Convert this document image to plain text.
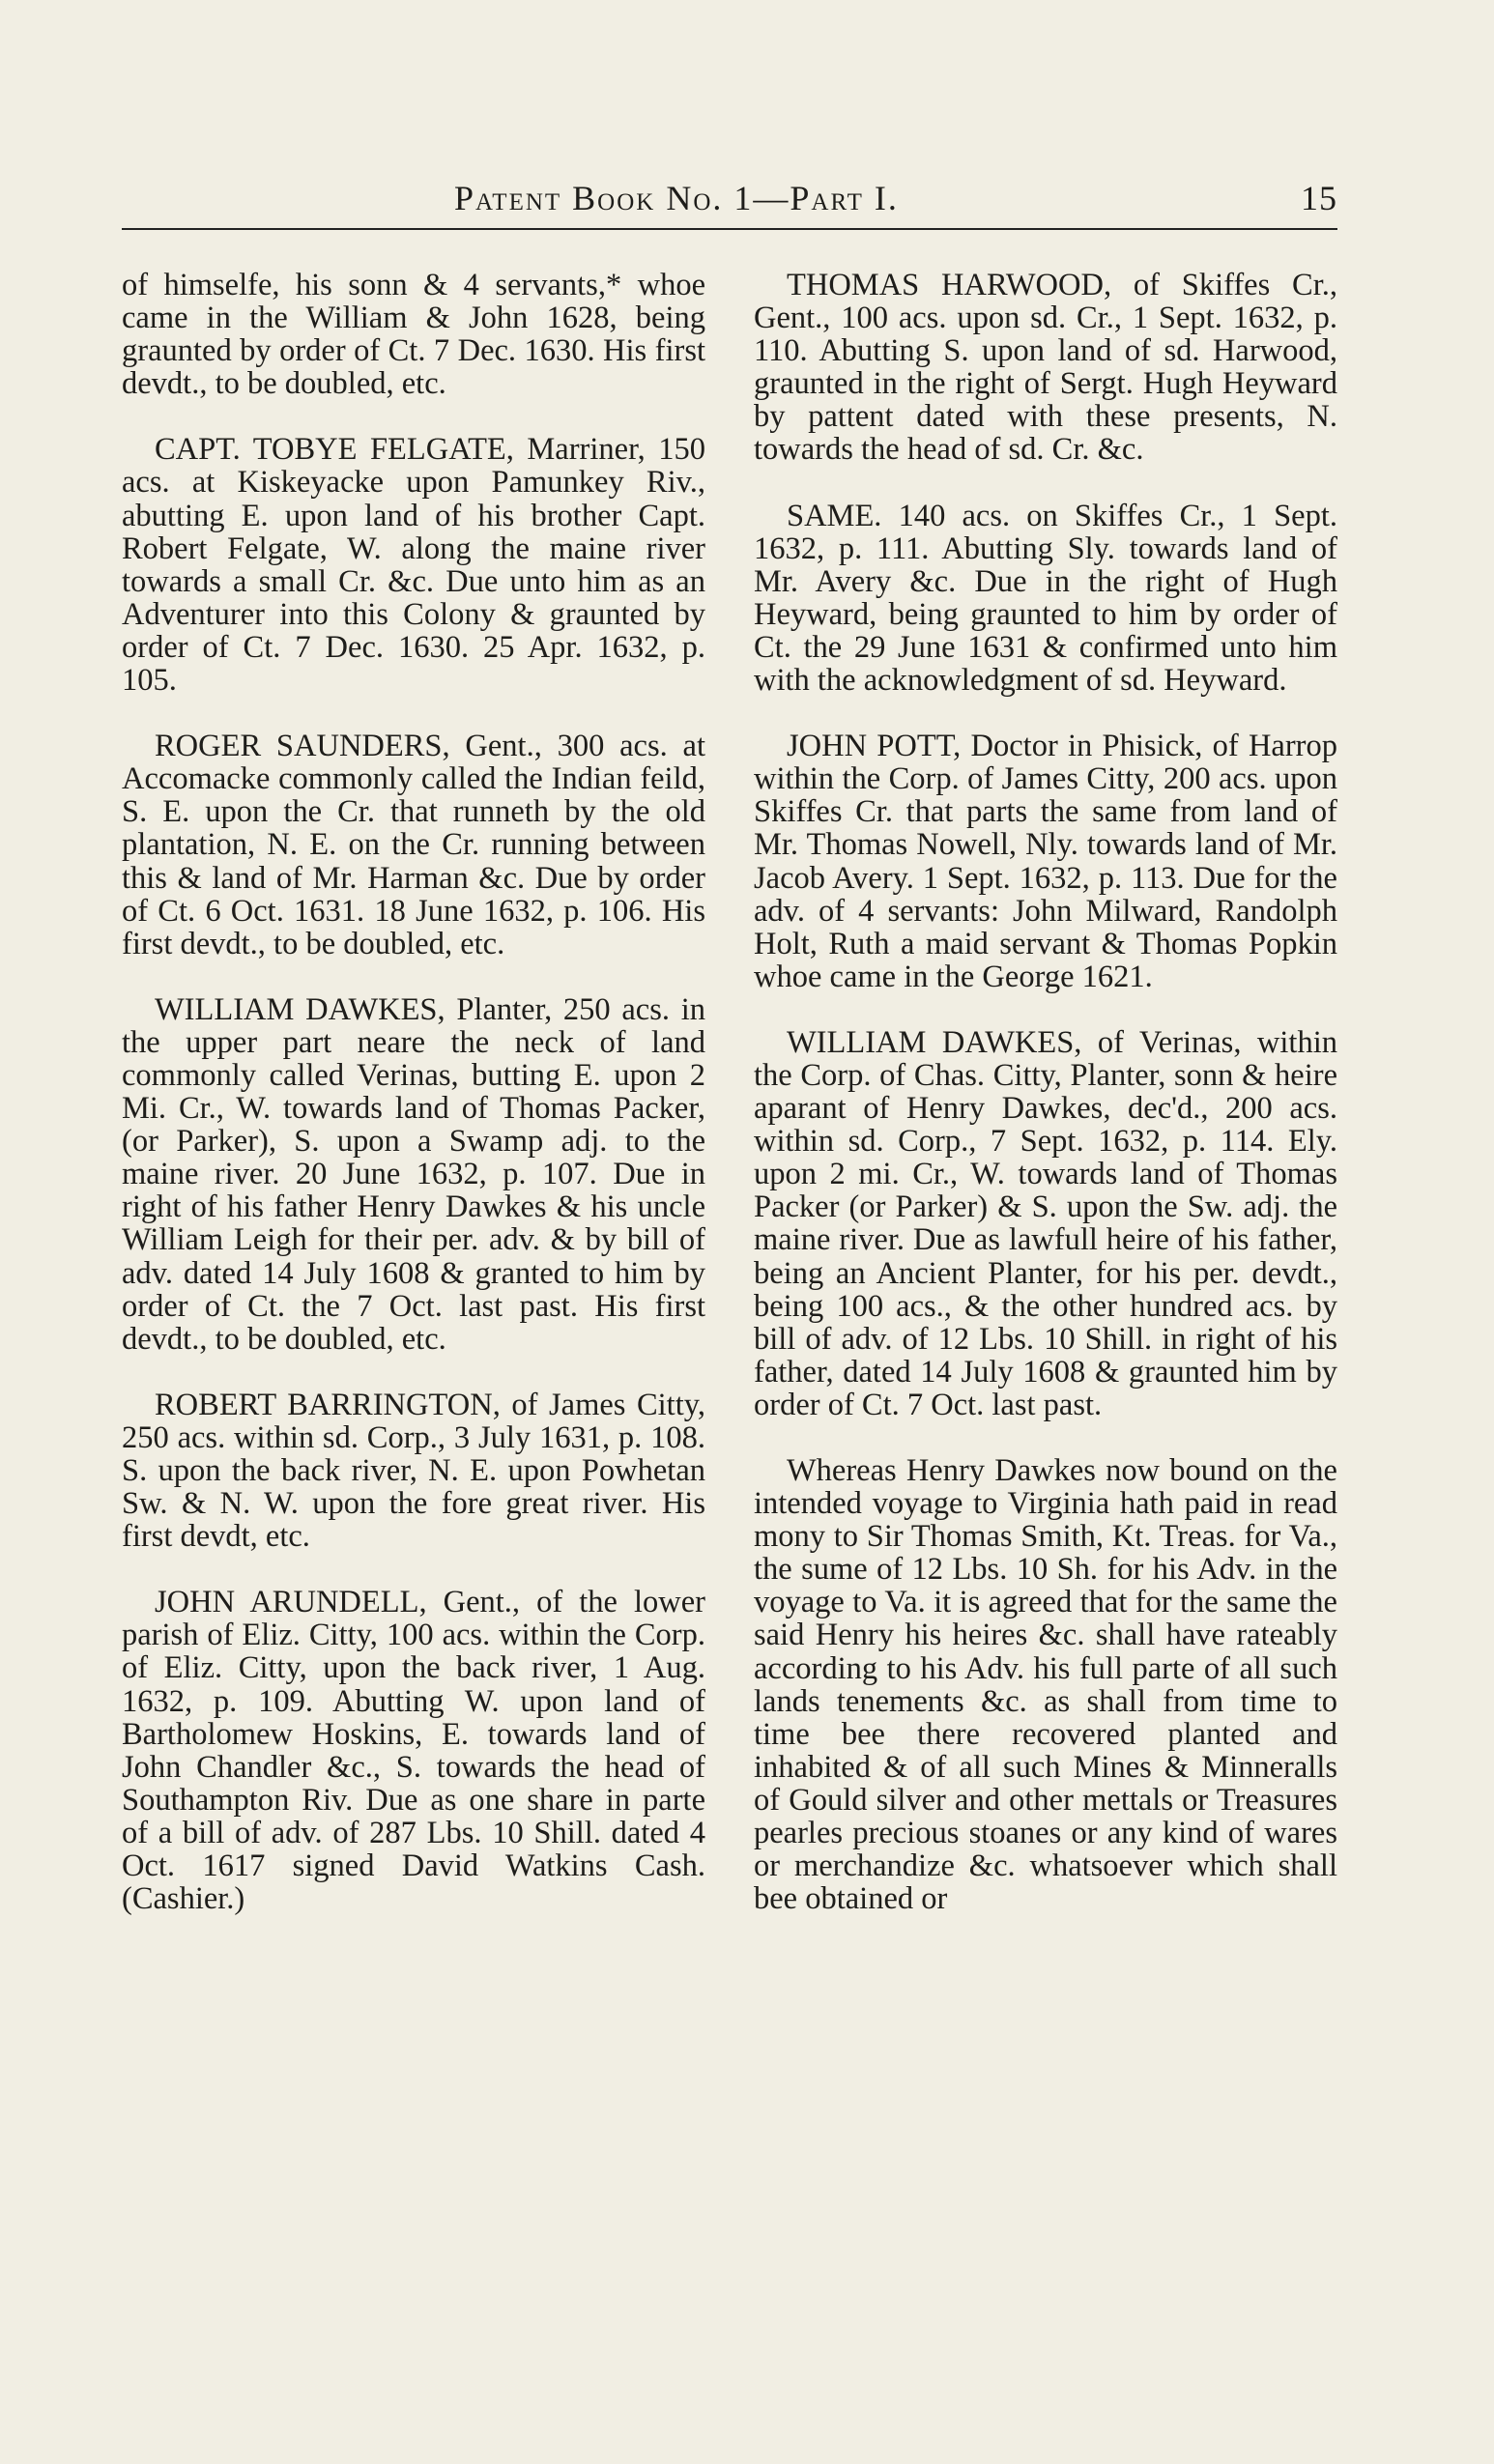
Patent Book No. 1—Part I.	15

of himselfe, his sonn & 4 servants,* whoe came in the William & John 1628, being graunted by order of Ct. 7 Dec. 1630. His first devdt., to be doubled, etc.

CAPT. TOBYE FELGATE, Marriner, 150 acs. at Kiskeyacke upon Pamunkey Riv., abutting E. upon land of his brother Capt. Robert Felgate, W. along the maine river towards a small Cr. &c. Due unto him as an Adventurer into this Colony & graunted by order of Ct. 7 Dec. 1630. 25 Apr. 1632, p. 105.

ROGER SAUNDERS, Gent., 300 acs. at Accomacke commonly called the Indian feild, S. E. upon the Cr. that runneth by the old plantation, N. E. on the Cr. running between this & land of Mr. Harman &c. Due by order of Ct. 6 Oct. 1631. 18 June 1632, p. 106. His first devdt., to be doubled, etc.

WILLIAM DAWKES, Planter, 250 acs. in the upper part neare the neck of land commonly called Verinas, butting E. upon 2 Mi. Cr., W. towards land of Thomas Packer, (or Parker), S. upon a Swamp adj. to the maine river. 20 June 1632, p. 107. Due in right of his father Henry Dawkes & his uncle William Leigh for their per. adv. & by bill of adv. dated 14 July 1608 & granted to him by order of Ct. the 7 Oct. last past. His first devdt., to be doubled, etc.

ROBERT BARRINGTON, of James Citty, 250 acs. within sd. Corp., 3 July 1631, p. 108. S. upon the back river, N. E. upon Powhetan Sw. & N. W. upon the fore great river. His first devdt, etc.

JOHN ARUNDELL, Gent., of the lower parish of Eliz. Citty, 100 acs. within the Corp. of Eliz. Citty, upon the back river, 1 Aug. 1632, p. 109. Abutting W. upon land of Bartholomew Hoskins, E. towards land of John Chandler &c., S. towards the head of Southampton Riv. Due as one share in parte of a bill of adv. of 287 Lbs. 10 Shill. dated 4 Oct. 1617 signed David Watkins Cash. (Cashier.)

THOMAS HARWOOD, of Skiffes Cr., Gent., 100 acs. upon sd. Cr., 1 Sept. 1632, p. 110. Abutting S. upon land of sd. Harwood, graunted in the right of Sergt. Hugh Heyward by pattent dated with these presents, N. towards the head of sd. Cr. &c.

SAME. 140 acs. on Skiffes Cr., 1 Sept. 1632, p. 111. Abutting Sly. towards land of Mr. Avery &c. Due in the right of Hugh Heyward, being graunted to him by order of Ct. the 29 June 1631 & confirmed unto him with the acknowledgment of sd. Heyward.

JOHN POTT, Doctor in Phisick, of Harrop within the Corp. of James Citty, 200 acs. upon Skiffes Cr. that parts the same from land of Mr. Thomas Nowell, Nly. towards land of Mr. Jacob Avery. 1 Sept. 1632, p. 113. Due for the adv. of 4 servants: John Milward, Randolph Holt, Ruth a maid servant & Thomas Popkin whoe came in the George 1621.

WILLIAM DAWKES, of Verinas, within the Corp. of Chas. Citty, Planter, sonn & heire aparant of Henry Dawkes, dec'd., 200 acs. within sd. Corp., 7 Sept. 1632, p. 114. Ely. upon 2 mi. Cr., W. towards land of Thomas Packer (or Parker) & S. upon the Sw. adj. the maine river. Due as lawfull heire of his father, being an Ancient Planter, for his per. devdt., being 100 acs., & the other hundred acs. by bill of adv. of 12 Lbs. 10 Shill. in right of his father, dated 14 July 1608 & graunted him by order of Ct. 7 Oct. last past.

Whereas Henry Dawkes now bound on the intended voyage to Virginia hath paid in read mony to Sir Thomas Smith, Kt. Treas. for Va., the sume of 12 Lbs. 10 Sh. for his Adv. in the voyage to Va. it is agreed that for the same the said Henry his heires &c. shall have rateably according to his Adv. his full parte of all such lands tenements &c. as shall from time to time bee there recovered planted and inhabited & of all such Mines & Minneralls of Gould silver and other mettals or Treasures pearles precious stoanes or any kind of wares or merchandize &c. whatsoever which shall bee obtained or
